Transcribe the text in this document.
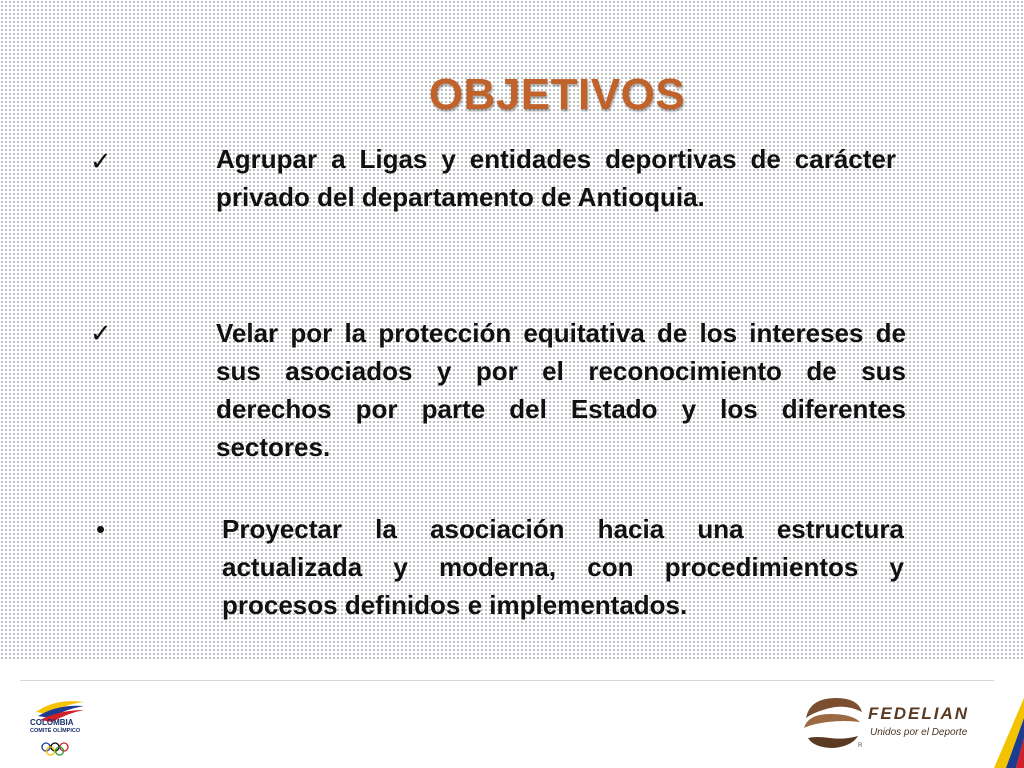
OBJETIVOS
✓	Agrupar a Ligas y entidades deportivas de carácter privado del departamento de Antioquia.
✓	Velar por la protección equitativa de los intereses de sus asociados y por el reconocimiento de sus derechos por parte del Estado y los diferentes sectores.
•	Proyectar la asociación hacia una estructura actualizada y moderna, con procedimientos y procesos definidos e implementados.
COLOMBIA
COMITÉ OLÍMPICO
FEDELIAN
Unidos por el Deporte
R
